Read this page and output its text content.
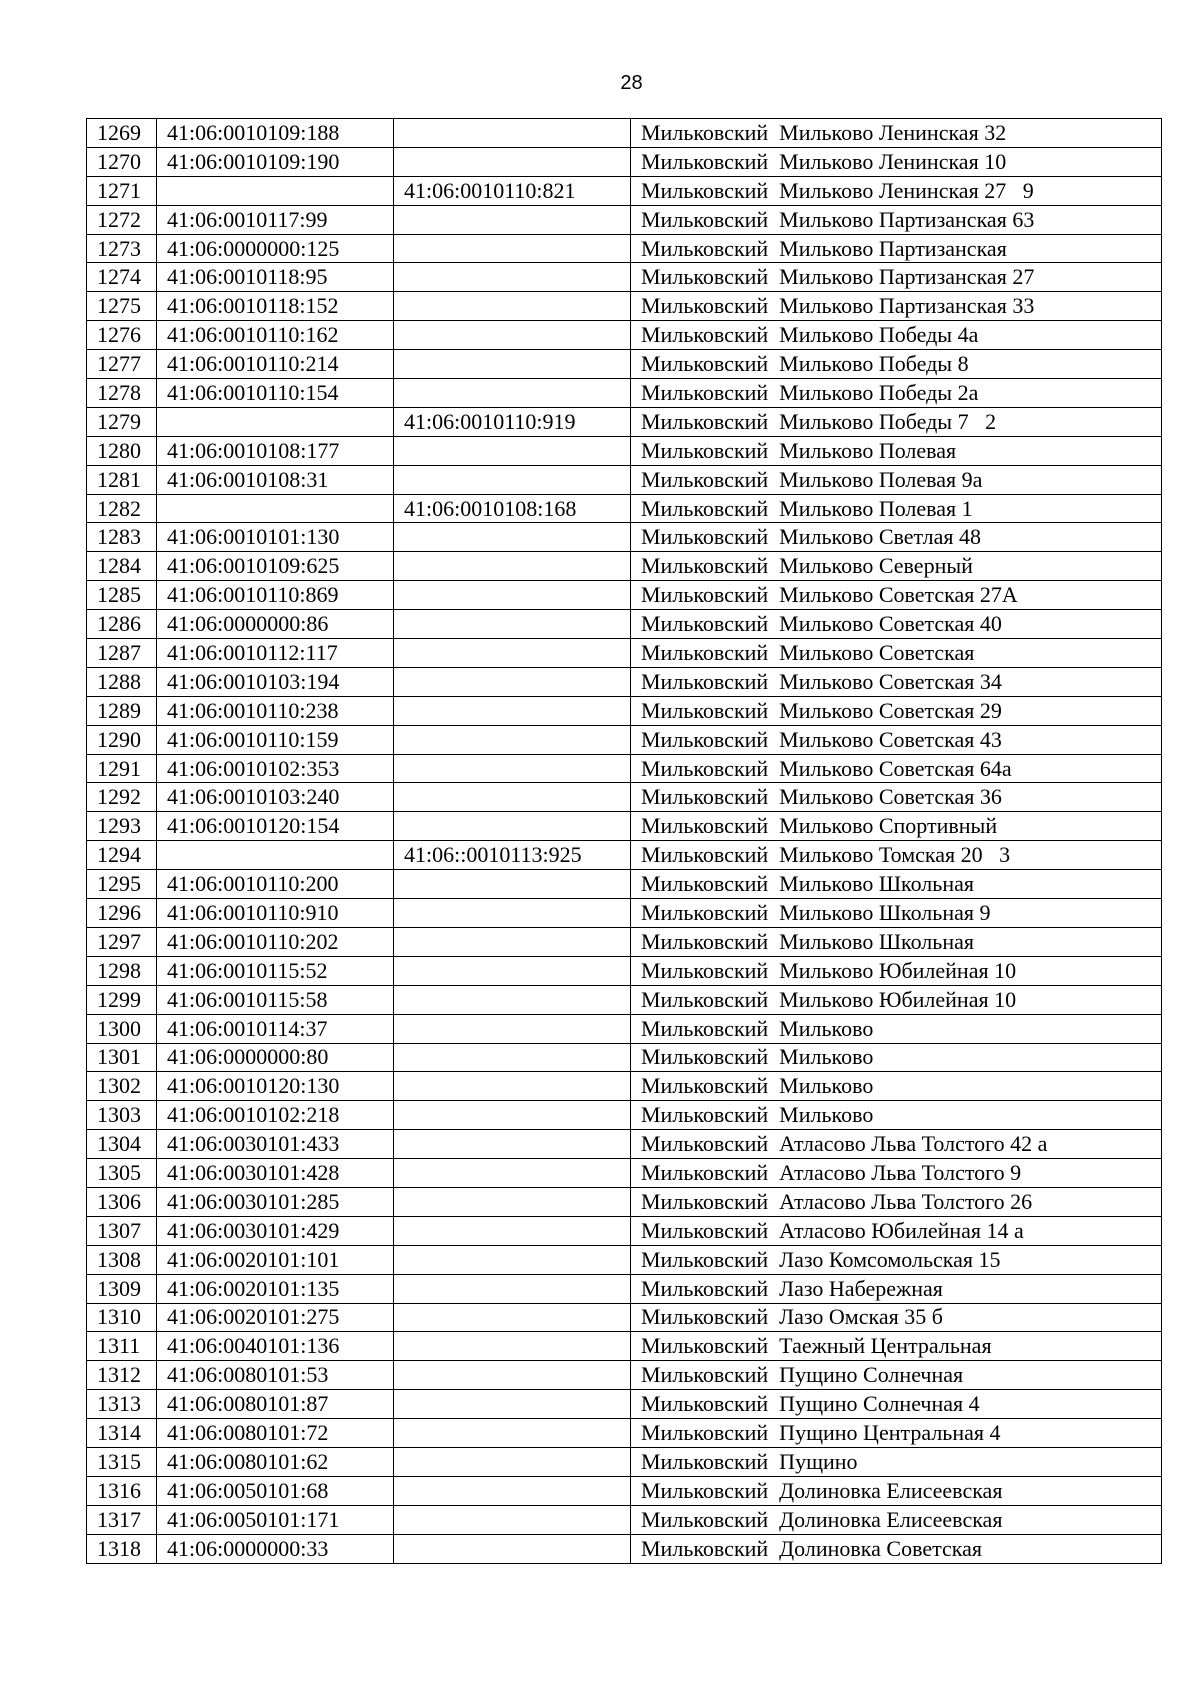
28
1269	41:06:0010109:188		Мильковский  Мильково Ленинская 32
1270	41:06:0010109:190		Мильковский  Мильково Ленинская 10
1271		41:06:0010110:821	Мильковский  Мильково Ленинская 27   9
1272	41:06:0010117:99		Мильковский  Мильково Партизанская 63
1273	41:06:0000000:125		Мильковский  Мильково Партизанская
1274	41:06:0010118:95		Мильковский  Мильково Партизанская 27
1275	41:06:0010118:152		Мильковский  Мильково Партизанская 33
1276	41:06:0010110:162		Мильковский  Мильково Победы 4а
1277	41:06:0010110:214		Мильковский  Мильково Победы 8
1278	41:06:0010110:154		Мильковский  Мильково Победы 2а
1279		41:06:0010110:919	Мильковский  Мильково Победы 7   2
1280	41:06:0010108:177		Мильковский  Мильково Полевая
1281	41:06:0010108:31		Мильковский  Мильково Полевая 9а
1282		41:06:0010108:168	Мильковский  Мильково Полевая 1
1283	41:06:0010101:130		Мильковский  Мильково Светлая 48
1284	41:06:0010109:625		Мильковский  Мильково Северный
1285	41:06:0010110:869		Мильковский  Мильково Советская 27А
1286	41:06:0000000:86		Мильковский  Мильково Советская 40
1287	41:06:0010112:117		Мильковский  Мильково Советская
1288	41:06:0010103:194		Мильковский  Мильково Советская 34
1289	41:06:0010110:238		Мильковский  Мильково Советская 29
1290	41:06:0010110:159		Мильковский  Мильково Советская 43
1291	41:06:0010102:353		Мильковский  Мильково Советская 64а
1292	41:06:0010103:240		Мильковский  Мильково Советская 36
1293	41:06:0010120:154		Мильковский  Мильково Спортивный
1294		41:06::0010113:925	Мильковский  Мильково Томская 20   3
1295	41:06:0010110:200		Мильковский  Мильково Школьная
1296	41:06:0010110:910		Мильковский  Мильково Школьная 9
1297	41:06:0010110:202		Мильковский  Мильково Школьная
1298	41:06:0010115:52		Мильковский  Мильково Юбилейная 10
1299	41:06:0010115:58		Мильковский  Мильково Юбилейная 10
1300	41:06:0010114:37		Мильковский  Мильково
1301	41:06:0000000:80		Мильковский  Мильково
1302	41:06:0010120:130		Мильковский  Мильково
1303	41:06:0010102:218		Мильковский  Мильково
1304	41:06:0030101:433		Мильковский  Атласово Льва Толстого 42 а
1305	41:06:0030101:428		Мильковский  Атласово Льва Толстого 9
1306	41:06:0030101:285		Мильковский  Атласово Льва Толстого 26
1307	41:06:0030101:429		Мильковский  Атласово Юбилейная 14 а
1308	41:06:0020101:101		Мильковский  Лазо Комсомольская 15
1309	41:06:0020101:135		Мильковский  Лазо Набережная
1310	41:06:0020101:275		Мильковский  Лазо Омская 35 б
1311	41:06:0040101:136		Мильковский  Таежный Центральная
1312	41:06:0080101:53		Мильковский  Пущино Солнечная
1313	41:06:0080101:87		Мильковский  Пущино Солнечная 4
1314	41:06:0080101:72		Мильковский  Пущино Центральная 4
1315	41:06:0080101:62		Мильковский  Пущино
1316	41:06:0050101:68		Мильковский  Долиновка Елисеевская
1317	41:06:0050101:171		Мильковский  Долиновка Елисеевская
1318	41:06:0000000:33		Мильковский  Долиновка Советская
